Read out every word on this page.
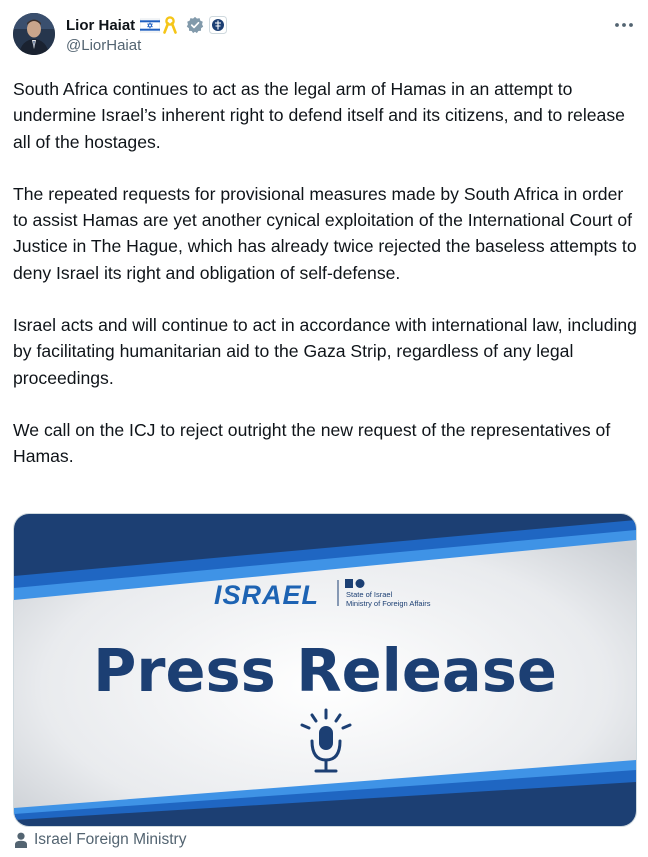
Lior Haiat
@LiorHaiat

South Africa continues to act as the legal arm of Hamas in an attempt to undermine Israel’s inherent right to defend itself and its citizens, and to release all of the hostages.

The repeated requests for provisional measures made by South Africa in order to assist Hamas are yet another cynical exploitation of the International Court of Justice in The Hague, which has already twice rejected the baseless attempts to deny Israel its right and obligation of self-defense.

Israel acts and will continue to act in accordance with international law, including by facilitating humanitarian aid to the Gaza Strip, regardless of any legal proceedings.

We call on the ICJ to reject outright the new request of the representatives of Hamas.

ISRAEL	State of Israel
Ministry of Foreign Affairs
Press Release
Israel Foreign Ministry
